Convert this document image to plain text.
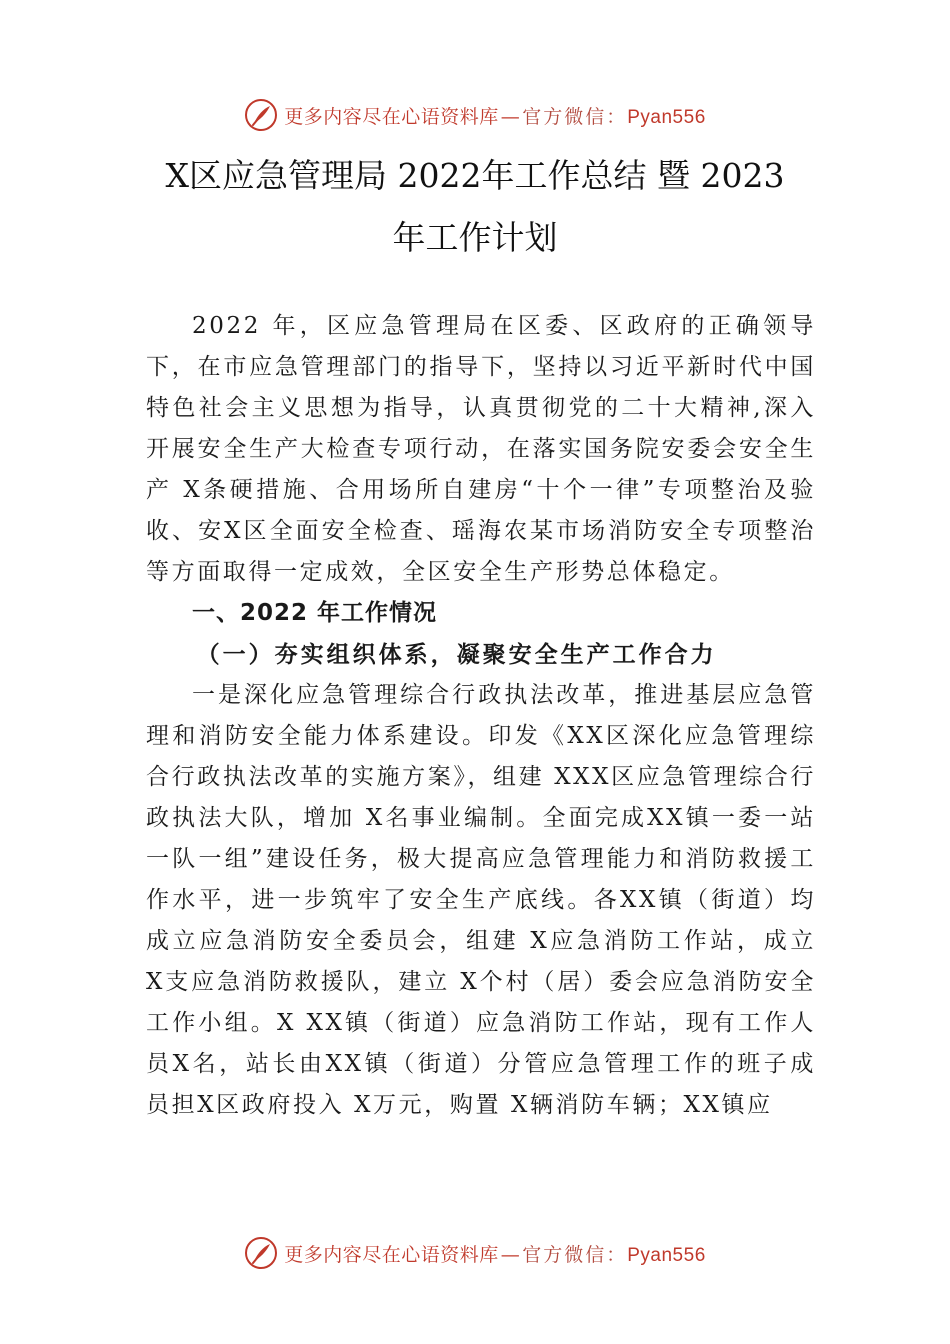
更多内容尽在心语资料库 — 官方微信：Pyan556
X区应急管理局 2022年工作总结 暨 2023
年工作计划

2022 年，区应急管理局在区委、区政府的正确领导下，在市应急管理部门的指导下，坚持以习近平新时代中国特色社会主义思想为指导，认真贯彻党的二十大精神,深入开展安全生产大检查专项行动，在落实国务院安委会安全生产 X条硬措施、合用场所自建房“十个一律”专项整治及验收、安X区全面安全检查、瑶海农某市场消防安全专项整治等方面取得一定成效，全区安全生产形势总体稳定。

一、2022 年工作情况

（一）夯实组织体系，凝聚安全生产工作合力

一是深化应急管理综合行政执法改革，推进基层应急管理和消防安全能力体系建设。印发《XX区深化应急管理综合行政执法改革的实施方案》，组建 XXX区应急管理综合行政执法大队，增加 X名事业编制。全面完成XX镇一委一站一队一组”建设任务，极大提高应急管理能力和消防救援工作水平，进一步筑牢了安全生产底线。各XX镇（街道）均成立应急消防安全委员会，组建 X应急消防工作站，成立 X支应急消防救援队，建立 X个村（居）委会应急消防安全工作小组。X XX镇（街道）应急消防工作站，现有工作人员X名，站长由XX镇（街道）分管应急管理工作的班子成员担X区政府投入 X万元，购置 X辆消防车辆；XX镇应

更多内容尽在心语资料库 — 官方微信：Pyan556
